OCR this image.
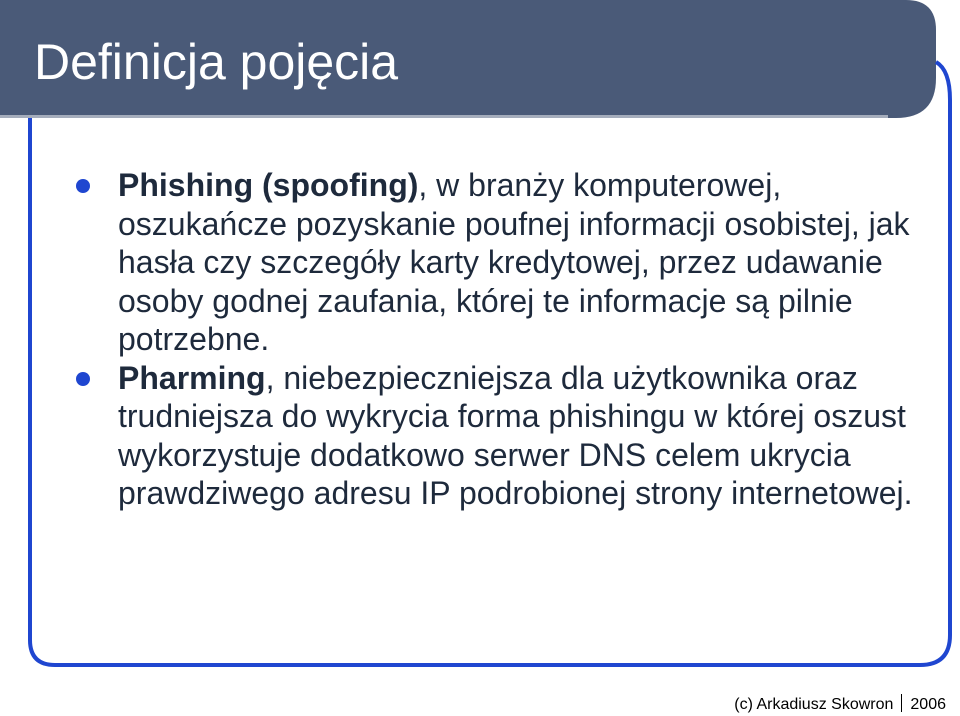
Definicja pojęcia
Phishing (spoofing), w branży komputerowej, oszukańcze pozyskanie poufnej informacji osobistej, jak hasła czy szczegóły karty kredytowej, przez udawanie osoby godnej zaufania, której te informacje są pilnie potrzebne.
Pharming, niebezpieczniejsza dla użytkownika oraz trudniejsza do wykrycia forma phishingu w której oszust wykorzystuje dodatkowo serwer DNS celem ukrycia prawdziwego adresu IP podrobionej strony internetowej.
(c) Arkadiusz Skowron 2006
